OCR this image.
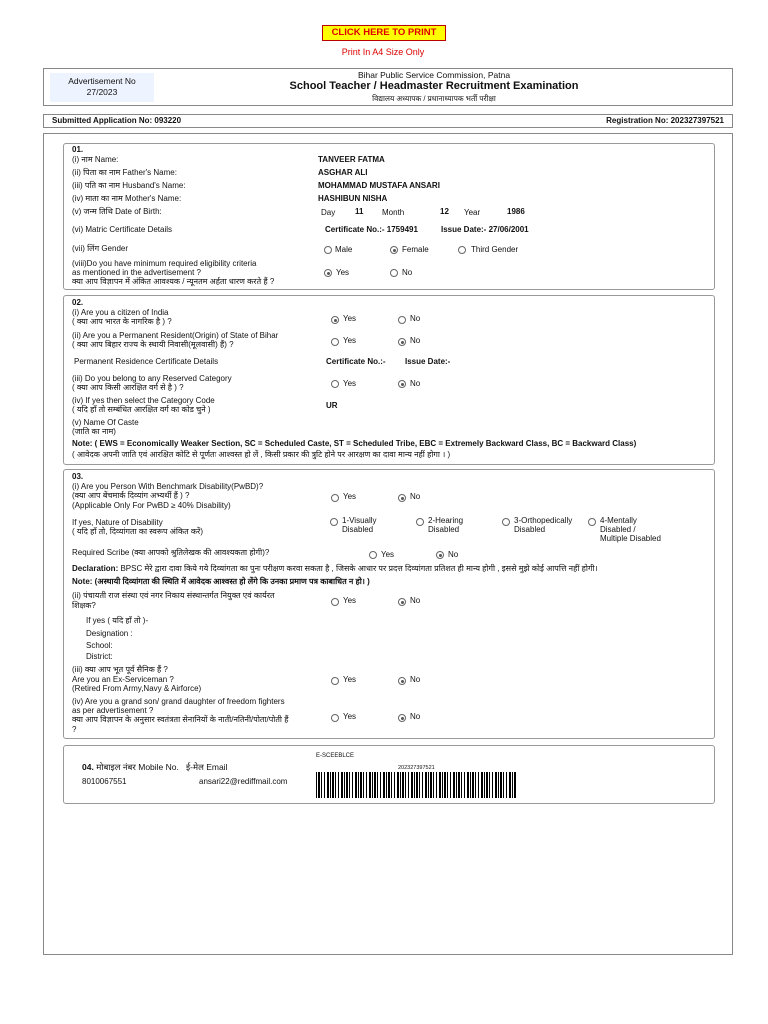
CLICK HERE TO PRINT
Print In A4 Size Only
Advertisement No
27/2023
Bihar Public Service Commission, Patna
School Teacher / Headmaster Recruitment Examination
विद्यालय अध्यापक / प्रधानाध्यापक भर्ती परीक्षा
Submitted Application No: 093220	Registration No: 202327397521
01.
(i) नाम Name:	TANVEER FATMA
(ii) पिता का नाम Father's Name:	ASGHAR ALI
(iii) पति का नाम Husband's Name:	MOHAMMAD MUSTAFA ANSARI
(iv) माता का नाम Mother's Name:	HASHIBUN NISHA
(v) जन्म तिथि Date of Birth:	Day 11 Month	12 Year	1986
(vi) Matric Certificate Details	Certificate No.:- 1759491	Issue Date:- 27/06/2001
(vii) लिंग Gender	Male	Female	Third Gender
(viii)Do you have minimum required eligibility criteria
as mentioned in the advertisement ?
क्या आप विज्ञापन में अंकित आवश्यक / न्यूनतम अर्हता धारण करते हैं ?
Yes	No
02.
(i) Are you a citizen of India
( क्या आप भारत के नागरिक है ) ?	Yes	No
(ii) Are you a Permanent Resident(Origin) of State of Bihar
( क्या आप बिहार राज्य के स्थायी निवासी(मूलवासी) हैं) ?	Yes	No
Permanent Residence Certificate Details	Certificate No.:- Issue Date:-
(iii) Do you belong to any Reserved Category
( क्या आप किसी आरक्षित वर्ग से है ) ?	Yes	No
(iv) If yes then select the Category Code
( यदि हाँ तो सम्बंधित आरक्षित वर्ग का कोड चुने )	UR
(v) Name Of Caste
(जाति का नाम)
Note: ( EWS = Economically Weaker Section, SC = Scheduled Caste, ST = Scheduled Tribe, EBC = Extremely Backward Class, BC = Backward Class)
( आवेदक अपनी जाति एवं आरक्षित कोटि से पूर्णतः आश्वस्त हो लें , किसी प्रकार की त्रुटि होने पर आरक्षण का दावा मान्य नहीं होगा । )
03.
(i) Are you Person With Benchmark Disability(PwBD)?
(क्या आप बेंचमार्क दिव्यांग अभ्यर्थी हैं ) ?
(Applicable Only For PwBD ≥ 40% Disability)
Yes	No
If yes, Nature of Disability
( यदि हाँ तो, दिव्यांगता का स्वरूप अंकित करें)
1-Visually
Disabled
2-Hearing
Disabled
3-Orthopedically
Disabled
4-Mentally
Disabled /
Multiple Disabled
Required Scribe (क्या आपको श्रुतिलेखक की आवश्यकता होगी)?	Yes	No
Declaration: BPSC मेरे द्वारा दावा किये गये दिव्यांगता का पुनः परीक्षण करवा सकता है , जिसके आधार पर प्रदत्त दिव्यांगता प्रतिशत ही मान्य होगी , इससे मुझे कोई आपत्ति नहीं होगी।
Note: (अस्थायी दिव्यांगता की स्थिति में आवेदक आश्वस्त हो लेंगे कि उनका प्रमाण पत्र काबाधित न हो। )
(ii) पंचायती राज संस्था एवं नगर निकाय संस्थान्तर्गत नियुक्त एवं कार्यरत
शिक्षक?
Yes	No
If yes ( यदि हाँ तो )-
Designation :
School:
District:
(iii) क्या आप भूत पूर्व सैनिक हैं ?
Are you an Ex-Serviceman ?
(Retired From Army,Navy & Airforce)
Yes	No
(iv) Are you a grand son/ grand daughter of freedom fighters
as per advertisement ?
क्या आप विज्ञापन के अनुसार स्वतंत्रता सेनानियों के नाती/नतिनी/पोता/पोती हैं
?
Yes	No
04. मोबाइल नंबर Mobile No. ई-मेल Email
8010067551	ansari22@rediffmail.com
E-SCEEBLCE
202327397521
